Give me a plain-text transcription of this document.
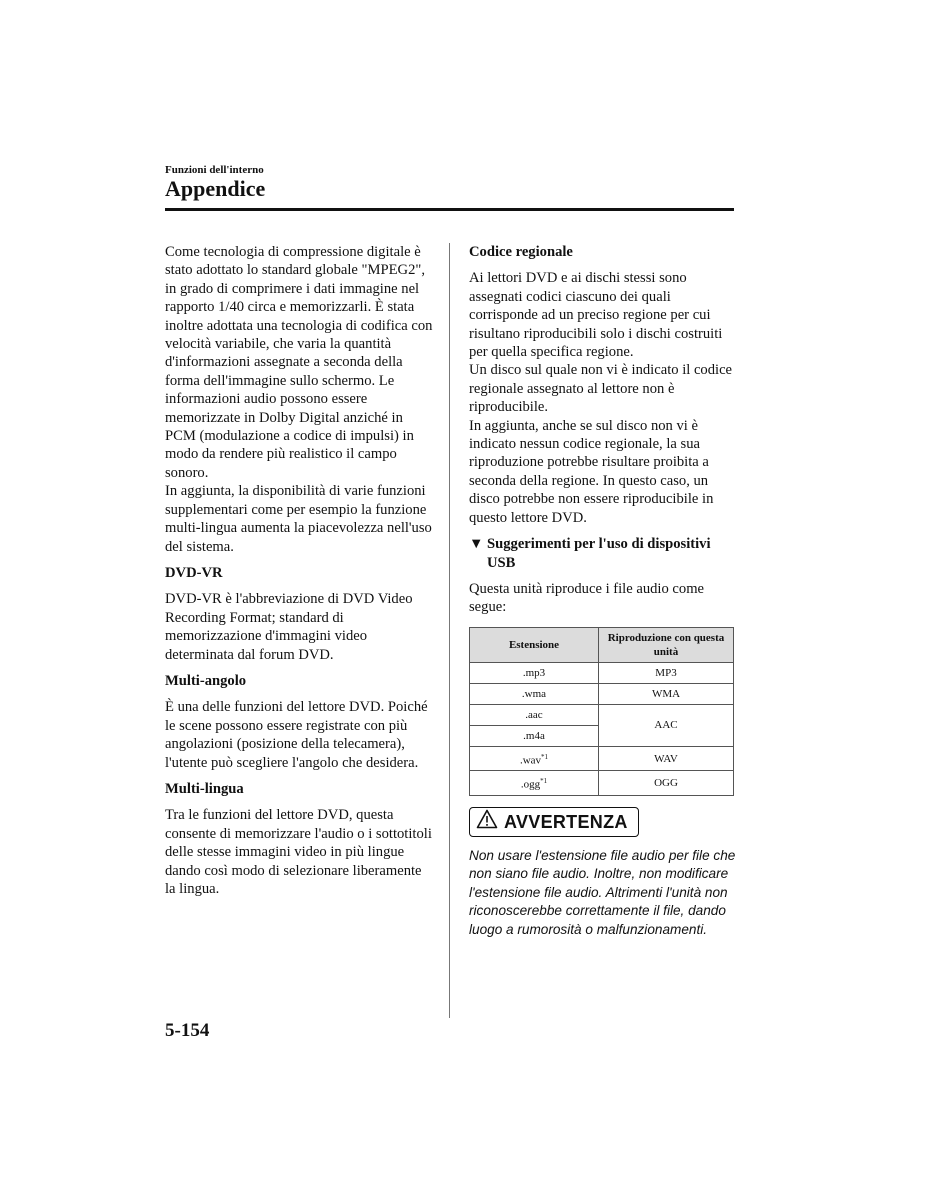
Funzioni dell'interno
Appendice

Come tecnologia di compressione digitale è stato adottato lo standard globale "MPEG2", in grado di comprimere i dati immagine nel rapporto 1/40 circa e memorizzarli. È stata inoltre adottata una tecnologia di codifica con velocità variabile, che varia la quantità d'informazioni assegnate a seconda della forma dell'immagine sullo schermo. Le informazioni audio possono essere memorizzate in Dolby Digital anziché in PCM (modulazione a codice di impulsi) in modo da rendere più realistico il campo sonoro.

In aggiunta, la disponibilità di varie funzioni supplementari come per esempio la funzione multi-lingua aumenta la piacevolezza nell'uso del sistema.

DVD-VR

DVD-VR è l'abbreviazione di DVD Video Recording Format; standard di memorizzazione d'immagini video determinata dal forum DVD.

Multi-angolo

È una delle funzioni del lettore DVD. Poiché le scene possono essere registrate con più angolazioni (posizione della telecamera), l'utente può scegliere l'angolo che desidera.

Multi-lingua

Tra le funzioni del lettore DVD, questa consente di memorizzare l'audio o i sottotitoli delle stesse immagini video in più lingue dando così modo di selezionare liberamente la lingua.

Codice regionale

Ai lettori DVD e ai dischi stessi sono assegnati codici ciascuno dei quali corrisponde ad un preciso regione per cui risultano riproducibili solo i dischi costruiti per quella specifica regione.

Un disco sul quale non vi è indicato il codice regionale assegnato al lettore non è riproducibile.

In aggiunta, anche se sul disco non vi è indicato nessun codice regionale, la sua riproduzione potrebbe risultare proibita a seconda della regione. In questo caso, un disco potrebbe non essere riproducibile in questo lettore DVD.

▼ Suggerimenti per l'uso di dispositivi USB

Questa unità riproduce i file audio come segue:

Estensione	Riproduzione con questa unità
.mp3	MP3
.wma	WMA
.aac	AAC
.m4a	
.wav$^{*1}$	WAV
.ogg$^{*1}$	OGG
AVVERTENZA

Non usare l'estensione file audio per file che non siano file audio. Inoltre, non modificare l'estensione file audio. Altrimenti l'unità non riconoscerebbe correttamente il file, dando luogo a rumorosità o malfunzionamenti.

5-154
